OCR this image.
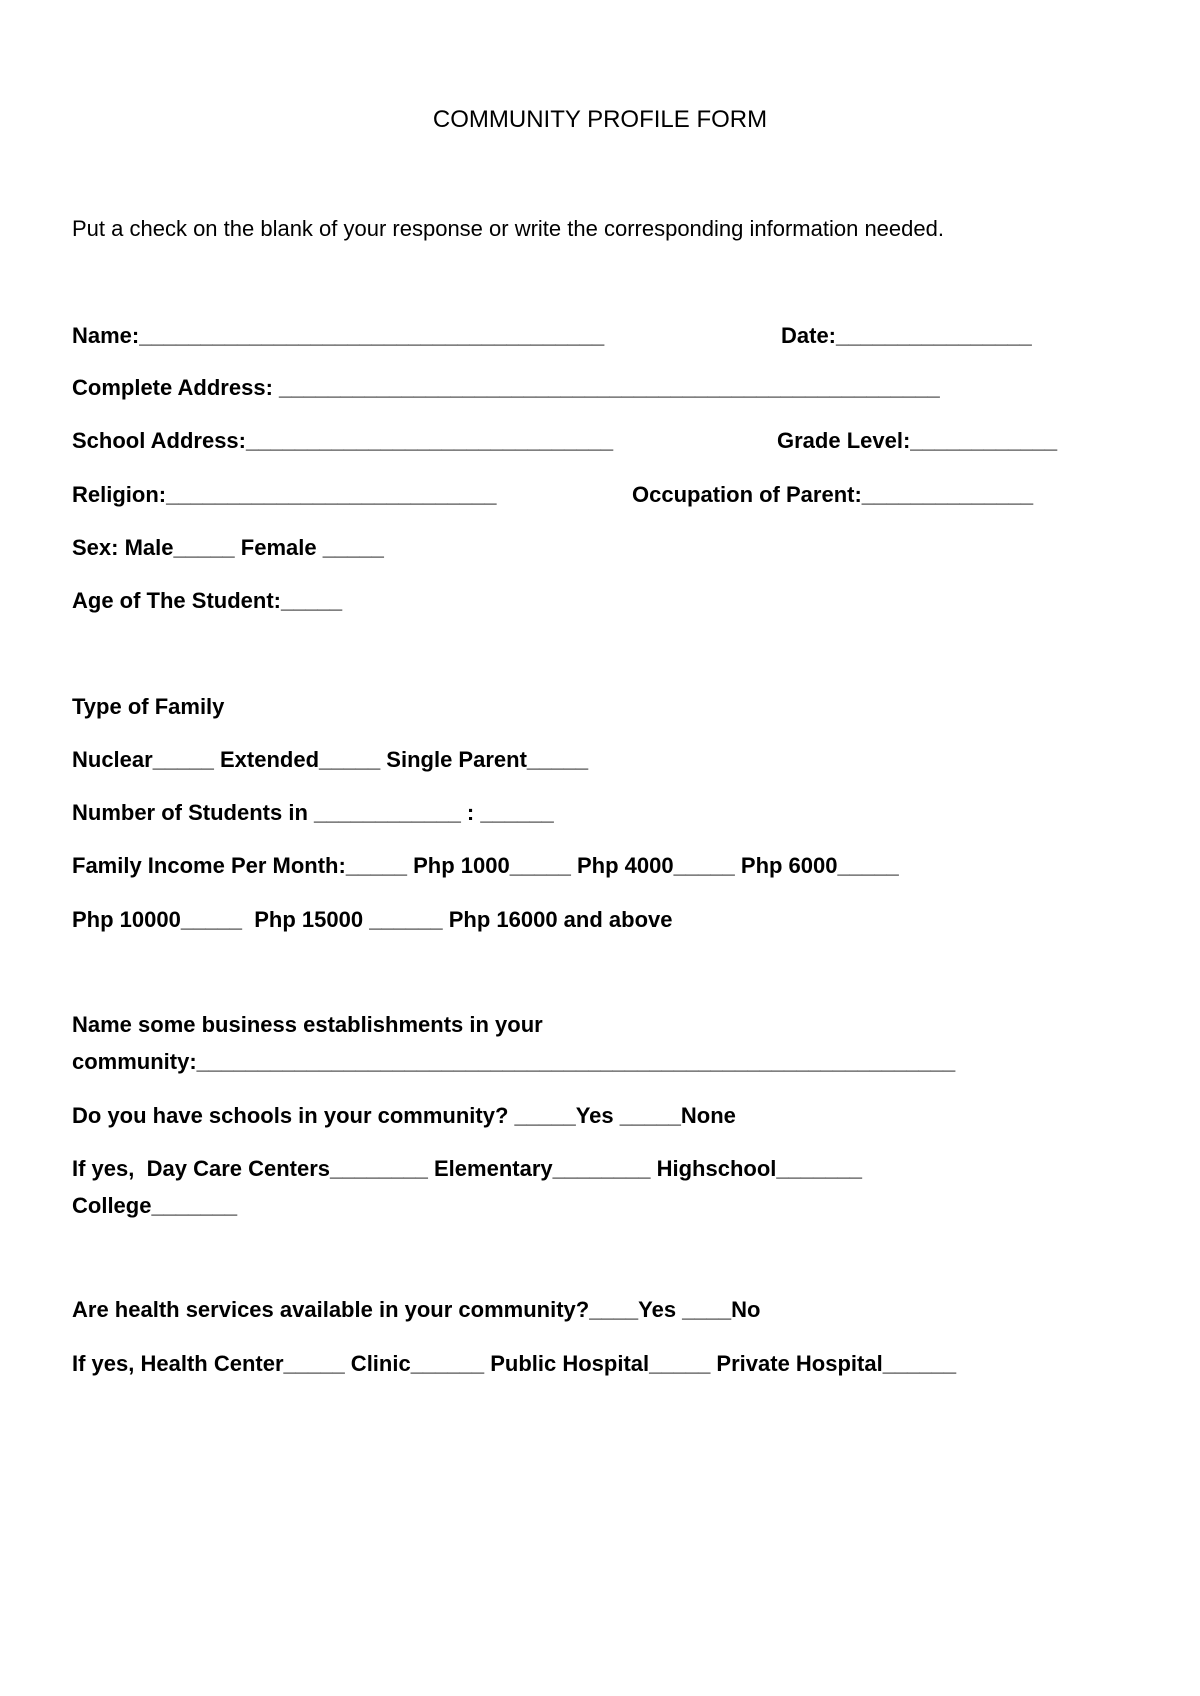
COMMUNITY PROFILE FORM
Put a check on the blank of your response or write the corresponding information needed.
Name:______________________________________	Date:________________
Complete Address: ______________________________________________________
School Address:______________________________	Grade Level:____________
Religion:___________________________	Occupation of Parent:______________
Sex: Male_____ Female _____
Age of The Student:_____
Type of Family
Nuclear_____ Extended_____ Single Parent_____
Number of Students in ____________ : ______
Family Income Per Month:_____ Php 1000_____ Php 4000_____ Php 6000_____
Php 10000_____  Php 15000 ______ Php 16000 and above
Name some business establishments in your
community:______________________________________________________________
Do you have schools in your community? _____Yes _____None
If yes,  Day Care Centers________ Elementary________ Highschool_______
College_______
Are health services available in your community?____Yes ____No
If yes, Health Center_____ Clinic______ Public Hospital_____ Private Hospital______
